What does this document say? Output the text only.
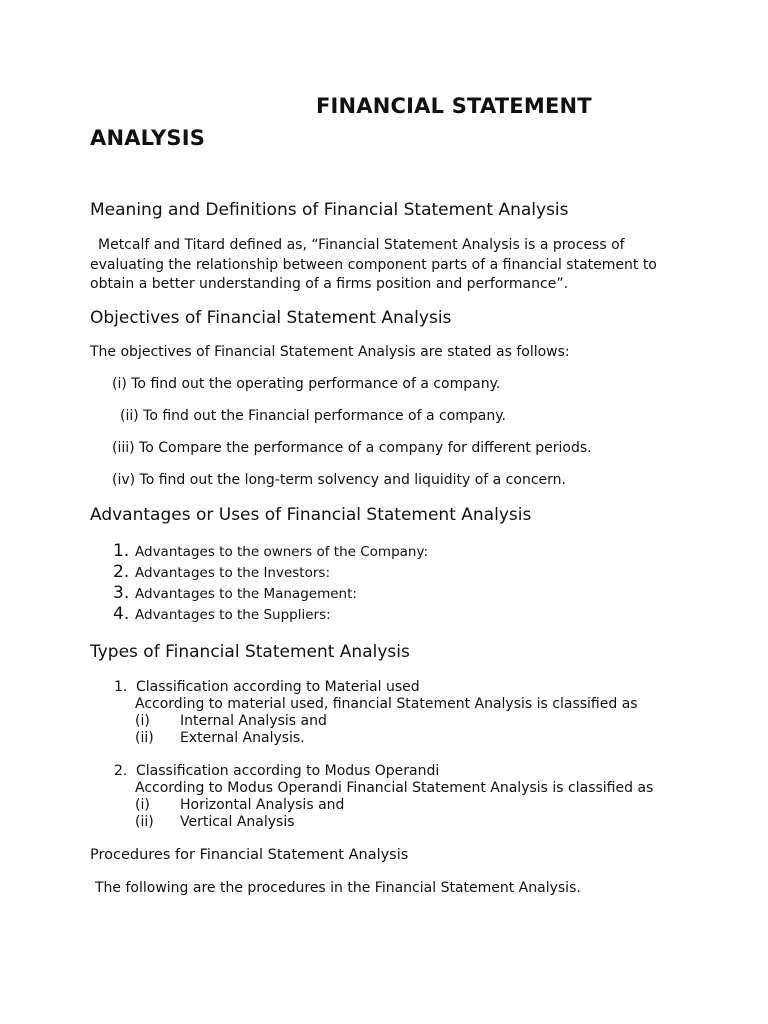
FINANCIAL STATEMENT
ANALYSIS
Meaning and Definitions of Financial Statement Analysis
Metcalf and Titard defined as, “Financial Statement Analysis is a process of
evaluating the relationship between component parts of a financial statement to
obtain a better understanding of a firms position and performance”.
Objectives of Financial Statement Analysis
The objectives of Financial Statement Analysis are stated as follows:
(i) To find out the operating performance of a company.
(ii) To find out the Financial performance of a company.
(iii) To Compare the performance of a company for different periods.
(iv) To find out the long-term solvency and liquidity of a concern.
Advantages or Uses of Financial Statement Analysis
1. Advantages to the owners of the Company:
2. Advantages to the Investors:
3. Advantages to the Management:
4. Advantages to the Suppliers:
Types of Financial Statement Analysis
1. Classification according to Material used
According to material used, financial Statement Analysis is classified as
(i) Internal Analysis and
(ii) External Analysis.
2. Classification according to Modus Operandi
According to Modus Operandi Financial Statement Analysis is classified as
(i) Horizontal Analysis and
(ii) Vertical Analysis
Procedures for Financial Statement Analysis
The following are the procedures in the Financial Statement Analysis.
